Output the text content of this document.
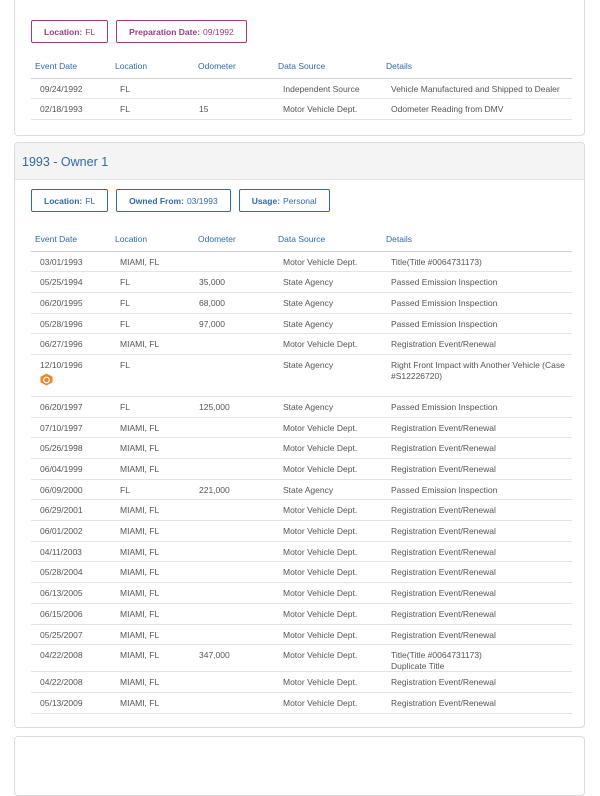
Location: FL	Preparation Date: 09/1992
Event Date	Location	Odometer	Data Source	Details
09/24/1992	FL		Independent Source	Vehicle Manufactured and Shipped to Dealer
02/18/1993	FL	15	Motor Vehicle Dept.	Odometer Reading from DMV
1993 - Owner 1
Location: FL	Owned From: 03/1993	Usage: Personal
Event Date	Location	Odometer	Data Source	Details
03/01/1993	MIAMI, FL		Motor Vehicle Dept.	Title(Title #0064731173)
05/25/1994	FL	35,000	State Agency	Passed Emission Inspection
06/20/1995	FL	68,000	State Agency	Passed Emission Inspection
05/28/1996	FL	97,000	State Agency	Passed Emission Inspection
06/27/1996	MIAMI, FL		Motor Vehicle Dept.	Registration Event/Renewal
12/10/1996	FL		State Agency	Right Front Impact with Another Vehicle (Case #S12226720)
06/20/1997	FL	125,000	State Agency	Passed Emission Inspection
07/10/1997	MIAMI, FL		Motor Vehicle Dept.	Registration Event/Renewal
05/26/1998	MIAMI, FL		Motor Vehicle Dept.	Registration Event/Renewal
06/04/1999	MIAMI, FL		Motor Vehicle Dept.	Registration Event/Renewal
06/09/2000	FL	221,000	State Agency	Passed Emission Inspection
06/29/2001	MIAMI, FL		Motor Vehicle Dept.	Registration Event/Renewal
06/01/2002	MIAMI, FL		Motor Vehicle Dept.	Registration Event/Renewal
04/11/2003	MIAMI, FL		Motor Vehicle Dept.	Registration Event/Renewal
05/28/2004	MIAMI, FL		Motor Vehicle Dept.	Registration Event/Renewal
06/13/2005	MIAMI, FL		Motor Vehicle Dept.	Registration Event/Renewal
06/15/2006	MIAMI, FL		Motor Vehicle Dept.	Registration Event/Renewal
05/25/2007	MIAMI, FL		Motor Vehicle Dept.	Registration Event/Renewal
04/22/2008	MIAMI, FL	347,000	Motor Vehicle Dept.	Title(Title #0064731173)
Duplicate Title
04/22/2008	MIAMI, FL		Motor Vehicle Dept.	Registration Event/Renewal
05/13/2009	MIAMI, FL		Motor Vehicle Dept.	Registration Event/Renewal
